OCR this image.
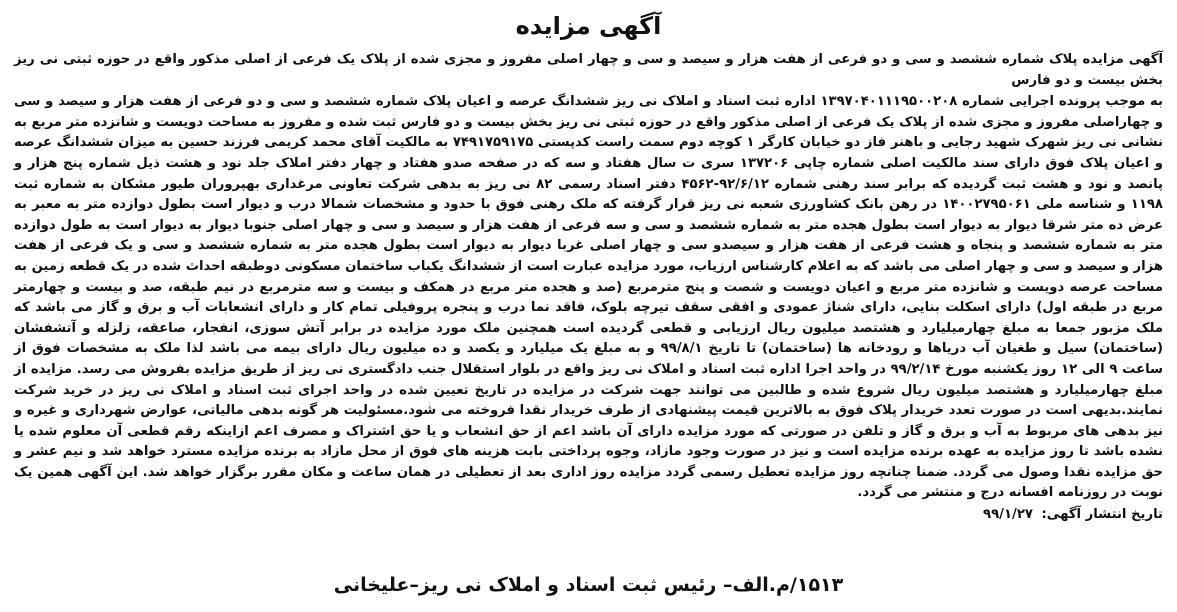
آگهی مزایده
آگهی مزایده پلاک شماره ششصد و سی و دو فرعی از هفت هزار و سیصد و سی و چهار اصلی مفروز و مجزی شده از پلاک یک فرعی از اصلی مذکور واقع در حوزه ثبتی نی ریز بخش بیست و دو فارس
به موجب پرونده اجرایی شماره ۱۳۹۷۰۴۰۱۱۱۹۵۰۰۲۰۸ اداره ثبت اسناد و املاک نی ریز ششدانگ عرصه و اعیان پلاک شماره ششصد و سی و دو فرعی از هفت هزار و سیصد و سی و چهاراصلی مفروز و مجزی شده از پلاک یک فرعی از اصلی مذکور واقع در حوزه ثبتی نی ریز بخش بیست و دو فارس ثبت شده و مفروز به مساحت دویست و شانزده متر مربع به نشانی نی ریز شهرک شهید رجایی و باهنر فاز دو خیابان کارگر ۱ کوچه دوم سمت راست کدپستی ۷۴۹۱۷۵۹۱۷۵ به مالکیت آقای محمد کریمی فرزند حسین به میزان ششدانگ عرصه و اعیان پلاک فوق دارای سند مالکیت اصلی شماره چاپی ۱۳۷۲۰۶ سری ت سال هفتاد و سه که در صفحه صدو هفتاد و چهار دفتر املاک جلد نود و هشت ذیل شماره پنج هزار و پانصد و نود و هشت ثبت گردیده که برابر سند رهنی شماره ۹۲/۶/۱۲-۴۵۶۲ دفتر اسناد رسمی ۸۲ نی ریز به بدهی شرکت تعاونی مرغداری بهپروران طیور مشکان به شماره ثبت ۱۱۹۸ و شناسه ملی ۱۴۰۰۲۷۹۵۰۶۱ در رهن بانک کشاورزی شعبه نی ریز قرار گرفته که ملک رهنی فوق با حدود و مشخصات شمالا درب و دیوار است بطول دوازده متر به معبر به عرض ده متر شرقا دیوار به دیوار است بطول هجده متر به شماره ششصد و سی و سه فرعی از هفت هزار و سیصد و سی و چهار اصلی جنوبا دیوار به دیوار است به طول دوازده متر به شماره ششصد و پنجاه و هشت فرعی از هفت هزار و سیصدو سی و چهار اصلی غربا دیوار به دیوار است بطول هجده متر به شماره ششصد و سی و یک فرعی از هفت هزار و سیصد و سی و چهار اصلی می باشد که به اعلام کارشناس ارزیاب، مورد مزایده عبارت است از ششدانگ یکباب ساختمان مسکونی دوطبقه احداث شده در یک قطعه زمین به مساحت عرصه دویست و شانزده متر مربع و اعیان دویست و شصت و پنج مترمربع (صد و هجده متر مربع در همکف و بیست و سه مترمربع در نیم طبقه، صد و بیست و چهارمتر مربع در طبقه اول) دارای اسکلت بنایی، دارای شناژ عمودی و افقی سقف تیرچه بلوک، فاقد نما درب و پنجره پروفیلی تمام کار و دارای انشعابات آب و برق و گاز می باشد که ملک مزبور جمعا به مبلغ چهارمیلیارد و هشتصد میلیون ریال ارزیابی و قطعی گردیده است همچنین ملک مورد مزایده در برابر آتش سوزی، انفجار، صاعقه، زلزله و آتشفشان (ساختمان) سیل و طغیان آب دریاها و رودخانه ها (ساختمان) تا تاریخ ۹۹/۸/۱ و به مبلغ یک میلیارد و یکصد و ده میلیون ریال دارای بیمه می باشد لذا ملک به مشخصات فوق از ساعت ۹ الی ۱۲ روز یکشنبه مورخ ۹۹/۲/۱۴ در واحد اجرا اداره ثبت اسناد و املاک نی ریز واقع در بلوار استقلال جنب دادگستری نی ریز از طریق مزایده بفروش می رسد. مزایده از مبلغ چهارمیلیارد و هشتصد میلیون ریال شروع شده و طالبین می توانند جهت شرکت در مزایده در تاریخ تعیین شده در واحد اجرای ثبت اسناد و املاک نی ریز در خرید شرکت نمایند.بدیهی است در صورت تعدد خریدار پلاک فوق به بالاترین قیمت پیشنهادی از طرف خریدار نقدا فروخته می شود.مسئولیت هر گونه بدهی مالیاتی، عوارض شهرداری و غیره و نیز بدهی های مربوط به آب و برق و گاز و تلفن در صورتی که مورد مزایده دارای آن باشد اعم از حق انشعاب و یا حق اشتراک و مصرف اعم ازاینکه رقم قطعی آن معلوم شده یا نشده باشد تا روز مزایده به عهده برنده مزایده است و نیز در صورت وجود مازاد، وجوه پرداختی بابت هزینه های فوق از محل مازاد به برنده مزایده مسترد خواهد شد و نیم عشر و حق مزایده نقدا وصول می گردد. ضمنا چنانچه روز مزایده تعطیل رسمی گردد مزایده روز اداری بعد از تعطیلی در همان ساعت و مکان مقرر برگزار خواهد شد. این آگهی همین یک نوبت در روزنامه افسانه درج و منتشر می گردد.
تاریخ انتشار آگهی: ۹۹/۱/۲۷
۱۵۱۳/م.الف– رئیس ثبت اسناد و املاک نی ریز–علیخانی
